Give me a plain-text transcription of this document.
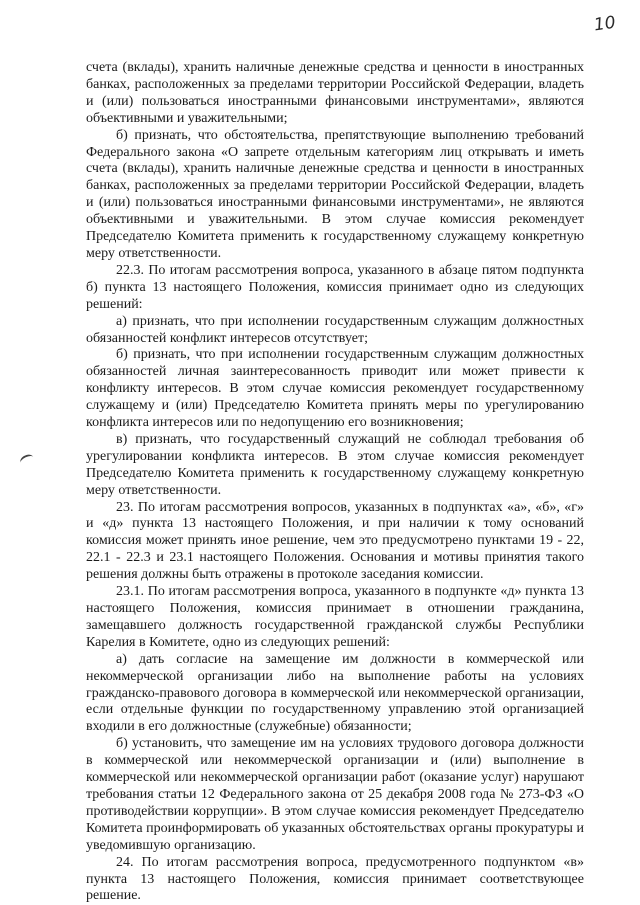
10

счета (вклады), хранить наличные денежные средства и ценности в иностранных банках, расположенных за пределами территории Российской Федерации, владеть и (или) пользоваться иностранными финансовыми инструментами», являются объективными и уважительными;

б) признать, что обстоятельства, препятствующие выполнению требований Федерального закона «О запрете отдельным категориям лиц открывать и иметь счета (вклады), хранить наличные денежные средства и ценности в иностранных банках, расположенных за пределами территории Российской Федерации, владеть и (или) пользоваться иностранными финансовыми инструментами», не являются объективными и уважительными. В этом случае комиссия рекомендует Председателю Комитета применить к государственному служащему конкретную меру ответственности.

22.3. По итогам рассмотрения вопроса, указанного в абзаце пятом подпункта б) пункта 13 настоящего Положения, комиссия принимает одно из следующих решений:

а) признать, что при исполнении государственным служащим должностных обязанностей конфликт интересов отсутствует;

б) признать, что при исполнении государственным служащим должностных обязанностей личная заинтересованность приводит или может привести к конфликту интересов. В этом случае комиссия рекомендует государственному служащему и (или) Председателю Комитета принять меры по урегулированию конфликта интересов или по недопущению его возникновения;

в) признать, что государственный служащий не соблюдал требования об урегулировании конфликта интересов. В этом случае комиссия рекомендует Председателю Комитета применить к государственному служащему конкретную меру ответственности.

23. По итогам рассмотрения вопросов, указанных в подпунктах «а», «б», «г» и «д» пункта 13 настоящего Положения, и при наличии к тому оснований комиссия может принять иное решение, чем это предусмотрено пунктами 19 - 22, 22.1 - 22.3 и 23.1 настоящего Положения. Основания и мотивы принятия такого решения должны быть отражены в протоколе заседания комиссии.

23.1. По итогам рассмотрения вопроса, указанного в подпункте «д» пункта 13 настоящего Положения, комиссия принимает в отношении гражданина, замещавшего должность государственной гражданской службы Республики Карелия в Комитете, одно из следующих решений:

а) дать согласие на замещение им должности в коммерческой или некоммерческой организации либо на выполнение работы на условиях гражданско-правового договора в коммерческой или некоммерческой организации, если отдельные функции по государственному управлению этой организацией входили в его должностные (служебные) обязанности;

б) установить, что замещение им на условиях трудового договора должности в коммерческой или некоммерческой организации и (или) выполнение в коммерческой или некоммерческой организации работ (оказание услуг) нарушают требования статьи 12 Федерального закона от 25 декабря 2008 года № 273-ФЗ «О противодействии коррупции». В этом случае комиссия рекомендует Председателю Комитета проинформировать об указанных обстоятельствах органы прокуратуры и уведомившую организацию.

24. По итогам рассмотрения вопроса, предусмотренного подпунктом «в» пункта 13 настоящего Положения, комиссия принимает соответствующее решение.
